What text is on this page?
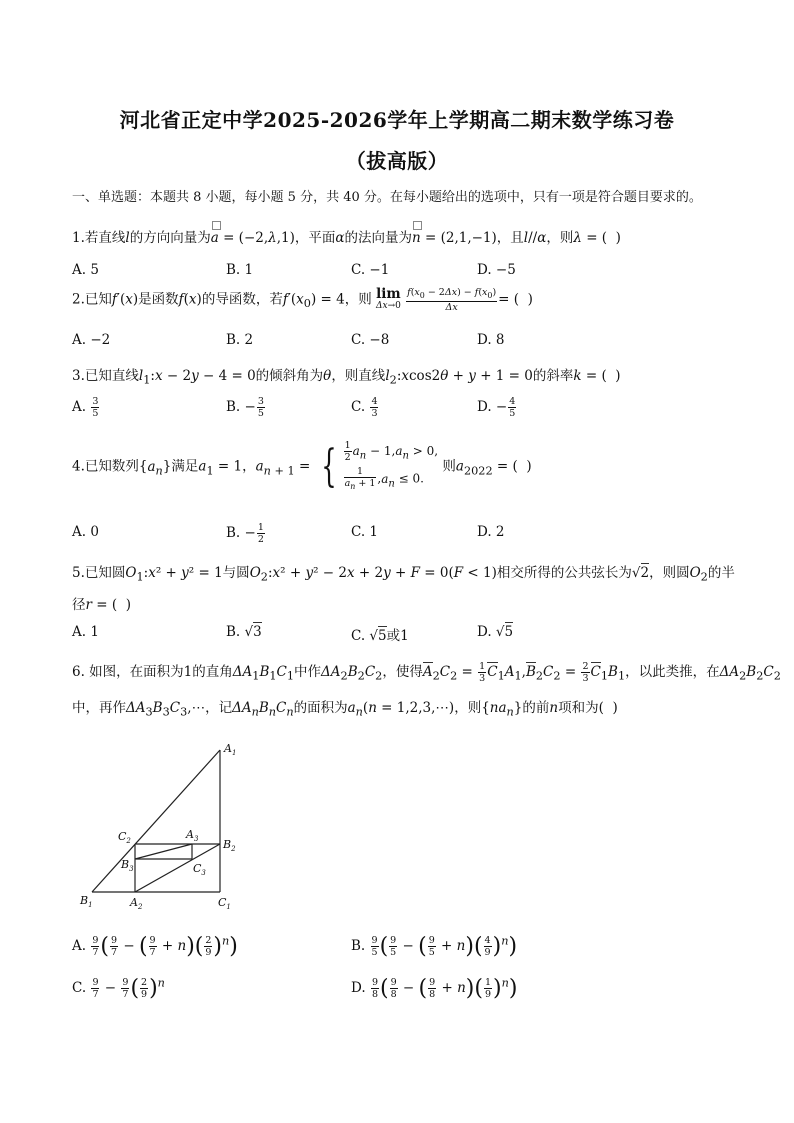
河北省正定中学2025-2026学年上学期高二期末数学练习卷
（拔高版）
一、单选题：本题共 8 小题，每小题 5 分，共 40 分。在每小题给出的选项中，只有一项是符合题目要求的。
1.若直线l的方向向量为
a = (−2,λ,1)，平面α的法向量为
n = (2,1,−1)，且l//α，则λ = (  )
A. 5	B. 1	C. −1	D. −5
2.已知f′(x)是函数f(x)的导函数，若$f'(x_0) = 4$，则 lim
Δx→0
$\frac{f(x_0 - 2\Delta x) - f(x_0)}{\Delta x}$ = (  )
A. −2	B. 2	C. −8	D. 8
3.已知直线$l_1:x - 2y - 4 = 0$的倾斜角为θ，则直线$l_2:xcos2\theta + y + 1 = 0$的斜率k = (  )
A. $\frac{3}{5}$	B. − $\frac{3}{5}$	C. $\frac{4}{3}$	D. − $\frac{4}{5}$
4.已知数列$\{a_n\}$满足$a_1 = 1$，$a_{n + 1}$ = { $\frac{1}{2} a_n - 1,a_n > 0$,
$\frac{1}{a_n + 1} ,a_n \le 0$.
则$a_{2022}$ = (  )
A. 0	B. − $\frac{1}{2}$	C. 1	D. 2
5.已知圆$O_1:x^2 + y^2 = 1$与圆$O_2:x^2 + y^2 - 2x + 2y + F = 0(F < 1)$相交所得的公共弦长为√2，则圆$O_2$的半
径r = (  )
A. 1	B. √3	C. √5或1	D. √5
6. 如图，在面积为1的直角$\Delta A_1B_1C_1$中作$\Delta A_2B_2C_2$，使得$A_2C_2 = \frac{1}{3} C_1A_1,B_2C_2 = \frac{2}{3} C_1B_1$，以此类推，在$\Delta A_2B_2C_2$
中，再作$\Delta A_3B_3C_3,\cdots$，记$\Delta A_nB_nC_n$的面积为$a_n(n$ = 1,2,3,⋯)，则$\{na_n\}$的前n项和为(  )
$A_1$
$C_2$	$A_3$ $B_2$
$B_3$	$C_3$
$B_1$	$A_2$	$C_1$
A. $\frac{9}{7}$ ( $\frac{9}{7}$ − ( $\frac{9}{7} + n)( \frac{2}{9} )^n$)	B. $\frac{9}{5}$ ( $\frac{9}{5}$ − ( $\frac{9}{5} + n)( \frac{4}{9} )^n$)
C. $\frac{9}{7} - \frac{9}{7}$ ( $\frac{2}{9} )^n$	D. $\frac{9}{8}$ ( $\frac{9}{8}$ − ( $\frac{9}{8} + n)( \frac{1}{9} )^n$)
